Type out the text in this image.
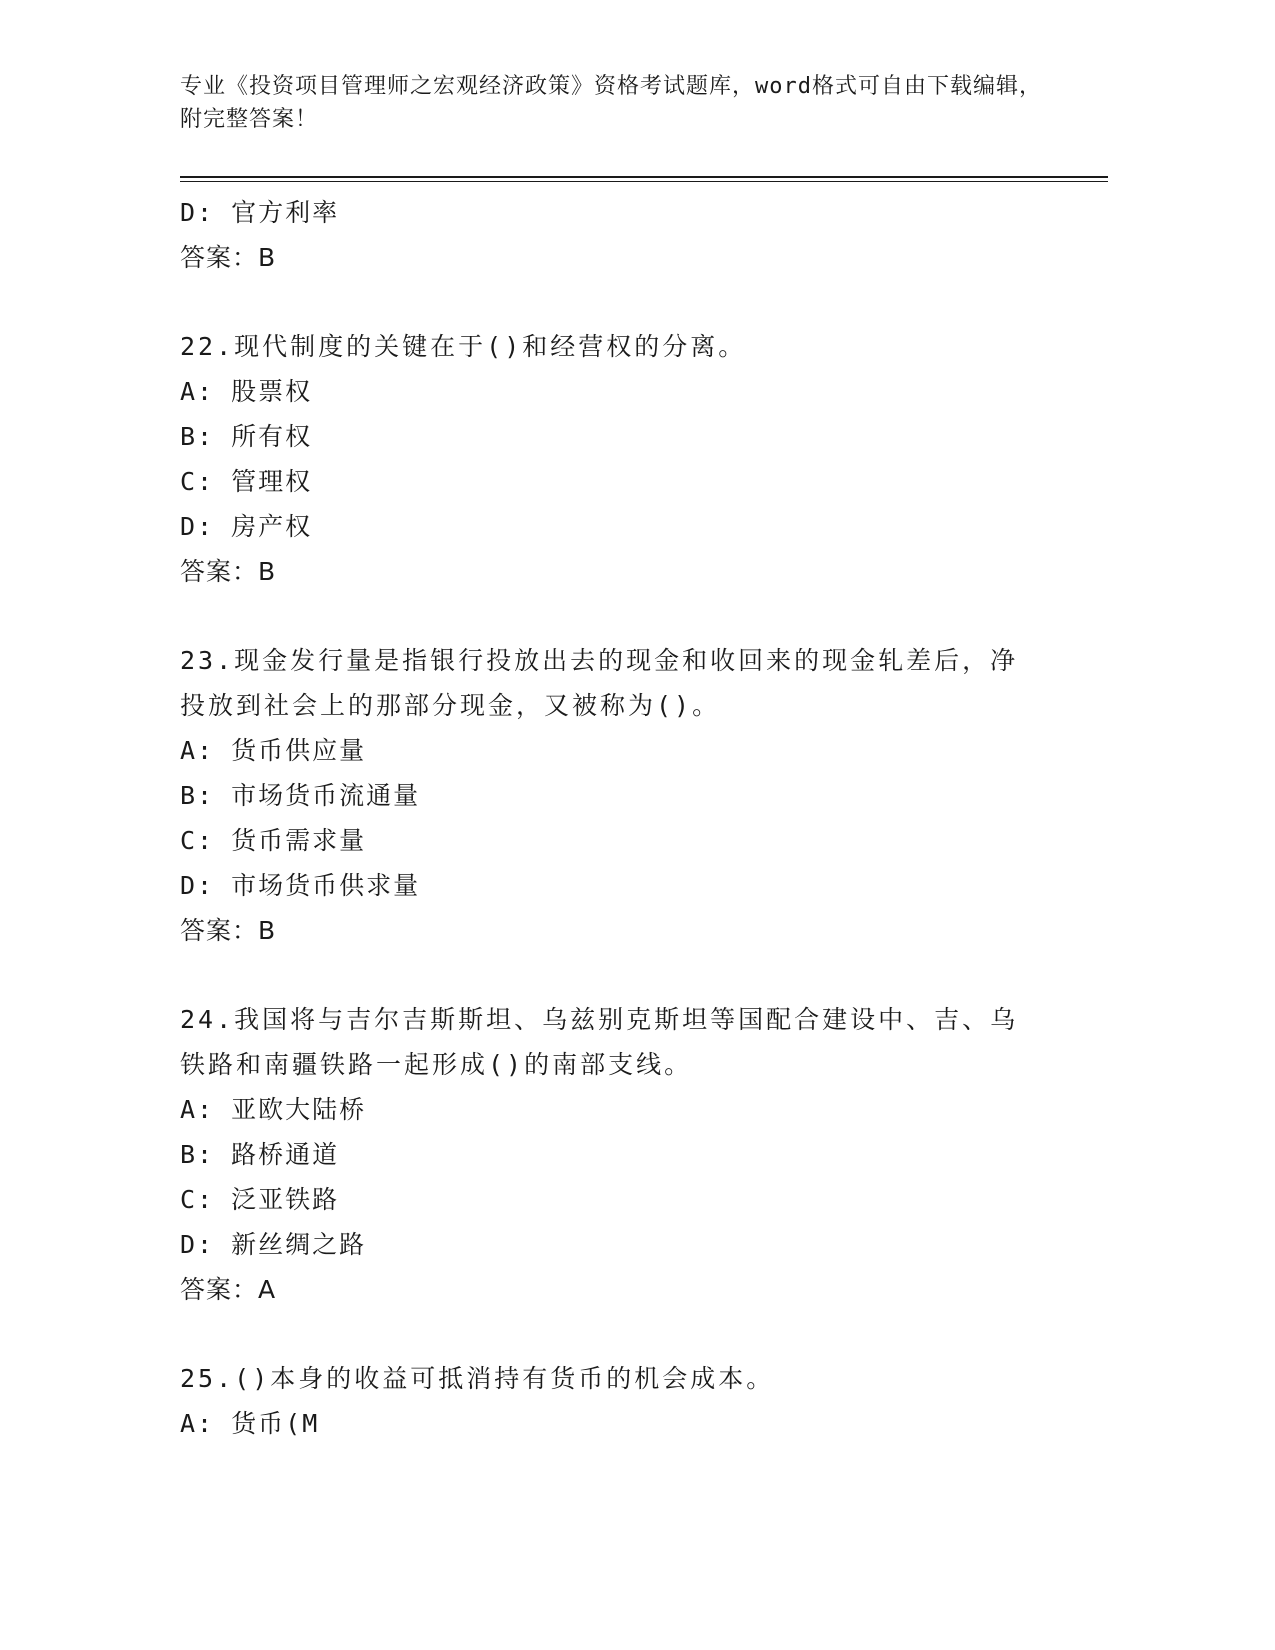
专业《投资项目管理师之宏观经济政策》资格考试题库，word格式可自由下载编辑，附完整答案！
D: 官方利率
答案：B
22.现代制度的关键在于()和经营权的分离。
A: 股票权
B: 所有权
C: 管理权
D: 房产权
答案：B
23.现金发行量是指银行投放出去的现金和收回来的现金轧差后，净投放到社会上的那部分现金，又被称为()。
A: 货币供应量
B: 市场货币流通量
C: 货币需求量
D: 市场货币供求量
答案：B
24.我国将与吉尔吉斯斯坦、乌兹别克斯坦等国配合建设中、吉、乌铁路和南疆铁路一起形成()的南部支线。
A: 亚欧大陆桥
B: 路桥通道
C: 泛亚铁路
D: 新丝绸之路
答案：A
25.()本身的收益可抵消持有货币的机会成本。
A: 货币(M
